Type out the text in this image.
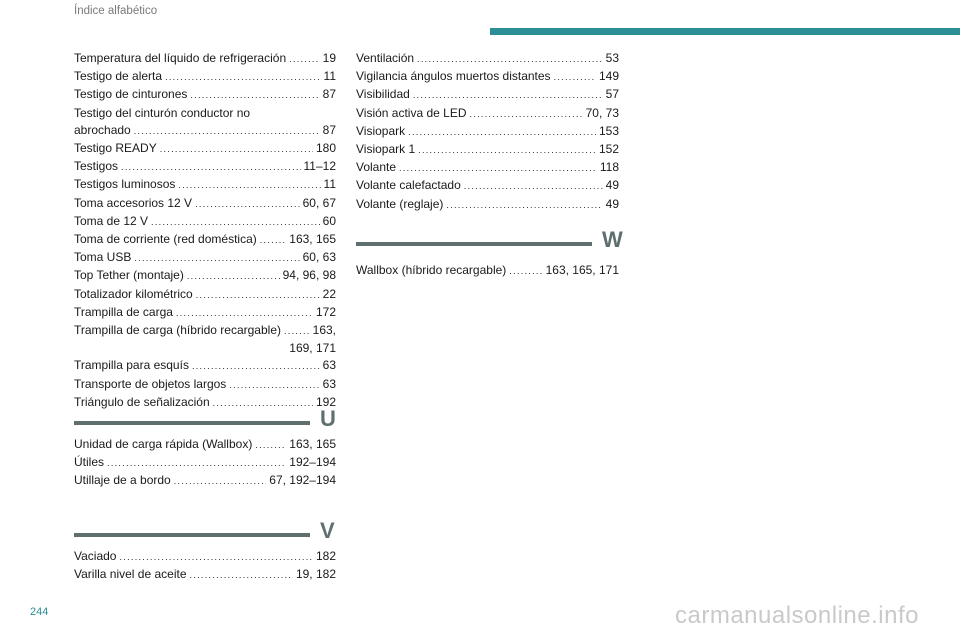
Índice alfabético
Temperatura del líquido de refrigeración . . .	19
Testigo de alerta . . .	11
Testigo de cinturones . . .	87
Testigo del cinturón conductor no
abrochado . . .	87
Testigo READY . . .	180
Testigos . . .	11–12
Testigos luminosos . . .	11
Toma accesorios 12 V . . .	60, 67
Toma de 12 V . . .	60
Toma de corriente (red doméstica) . . .	163, 165
Toma USB . . .	60, 63
Top Tether (montaje) . . .	94, 96, 98
Totalizador kilométrico . . .	22
Trampilla de carga . . .	172
Trampilla de carga (híbrido recargable) . . .	163,
169, 171
Trampilla para esquís . . .	63
Transporte de objetos largos . . .	63
Triángulo de señalización . . .	192
U
Unidad de carga rápida (Wallbox) . . .	163, 165
Útiles . . .	192–194
Utillaje de a bordo . . .	67, 192–194
V
Vaciado . . .	182
Varilla nivel de aceite . . .	19, 182
Ventilación . . .	53
Vigilancia ángulos muertos distantes . . .	149
Visibilidad . . .	57
Visión activa de LED . . .	70, 73
Visiopark . . .	153
Visiopark 1 . . .	152
Volante . . .	118
Volante calefactado . . .	49
Volante (reglaje) . . .	49
W
Wallbox (híbrido recargable) . . .	163, 165, 171
244	carmanualsonline.info
